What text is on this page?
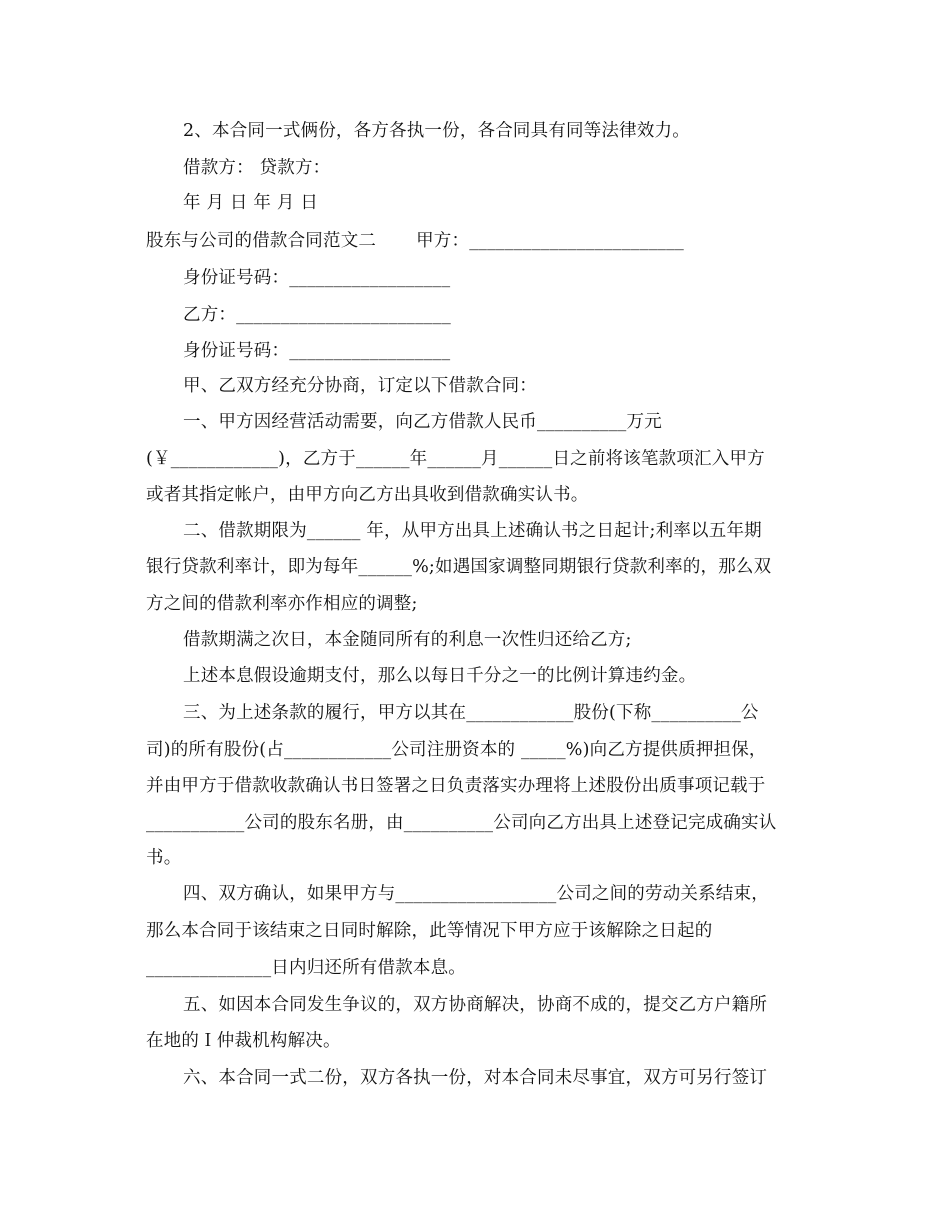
2、本合同一式俩份，各方各执一份，各合同具有同等法律效力。
借款方： 贷款方：
年 月 日 年 月 日
股东与公司的借款合同范文二 甲方：________________________
身份证号码：__________________
乙方：________________________
身份证号码：__________________
甲、乙双方经充分协商，订定以下借款合同：
一、甲方因经营活动需要，向乙方借款人民币__________万元
(￥____________)，乙方于______年______月______日之前将该笔款项汇入甲方
或者其指定帐户，由甲方向乙方出具收到借款确实认书。
二、借款期限为______ 年，从甲方出具上述确认书之日起计;利率以五年期
银行贷款利率计，即为每年______%;如遇国家调整同期银行贷款利率的，那么双
方之间的借款利率亦作相应的调整;
借款期满之次日，本金随同所有的利息一次性归还给乙方;
上述本息假设逾期支付，那么以每日千分之一的比例计算违约金。
三、为上述条款的履行，甲方以其在____________股份(下称__________公
司)的所有股份(占____________公司注册资本的 _____%)向乙方提供质押担保，
并由甲方于借款收款确认书日签署之日负责落实办理将上述股份出质事项记载于
___________公司的股东名册，由__________公司向乙方出具上述登记完成确实认
书。
四、双方确认，如果甲方与__________________公司之间的劳动关系结束，
那么本合同于该结束之日同时解除，此等情况下甲方应于该解除之日起的
______________日内归还所有借款本息。
五、如因本合同发生争议的，双方协商解决，协商不成的，提交乙方户籍所
在地的Ｉ仲裁机构解决。
六、本合同一式二份，双方各执一份，对本合同未尽事宜，双方可另行签订
